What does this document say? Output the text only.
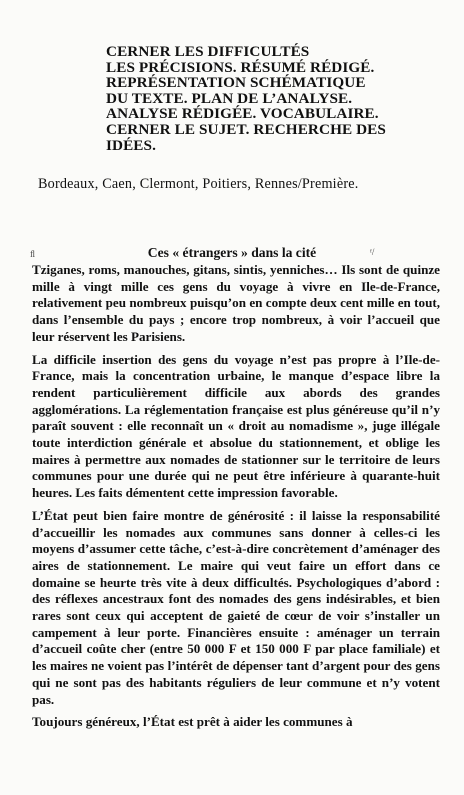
CERNER LES DIFFICULTÉS
LES PRÉCISIONS. RÉSUMÉ RÉDIGÉ.
REPRÉSENTATION SCHÉMATIQUE
DU TEXTE. PLAN DE L’ANALYSE.
ANALYSE RÉDIGÉE. VOCABULAIRE.
CERNER LE SUJET. RECHERCHE DES
IDÉES.
Bordeaux, Caen, Clermont, Poitiers, Rennes/Première.
ﬂ	ᶠ/
Ces « étrangers » dans la cité

Tziganes, roms, manouches, gitans, sintis, yenniches… Ils sont de quinze mille à vingt mille ces gens du voyage à vivre en Ile-de-France, relativement peu nombreux puisqu’on en compte deux cent mille en tout, dans l’ensemble du pays ; encore trop nombreux, à voir l’accueil que leur réservent les Parisiens.

La difficile insertion des gens du voyage n’est pas propre à l’Ile-de-France, mais la concentration urbaine, le manque d’espace libre la rendent particulièrement difficile aux abords des grandes agglomérations. La réglementation française est plus généreuse qu’il n’y paraît souvent : elle reconnaît un « droit au nomadisme », juge illégale toute interdiction générale et absolue du stationnement, et oblige les maires à permettre aux nomades de stationner sur le territoire de leurs communes pour une durée qui ne peut être inférieure à quarante-huit heures. Les faits démentent cette impression favorable.

L’État peut bien faire montre de générosité : il laisse la responsabilité d’accueillir les nomades aux communes sans donner à celles-ci les moyens d’assumer cette tâche, c’est-à-dire concrètement d’aménager des aires de stationnement. Le maire qui veut faire un effort dans ce domaine se heurte très vite à deux difficultés. Psychologiques d’abord : des réflexes ancestraux font des nomades des gens indésirables, et bien rares sont ceux qui acceptent de gaieté de cœur de voir s’installer un campement à leur porte. Financières ensuite : aménager un terrain d’accueil coûte cher (entre 50 000 F et 150 000 F par place familiale) et les maires ne voient pas l’intérêt de dépenser tant d’argent pour des gens qui ne sont pas des habitants réguliers de leur commune et n’y votent pas.

Toujours généreux, l’État est prêt à aider les communes à
